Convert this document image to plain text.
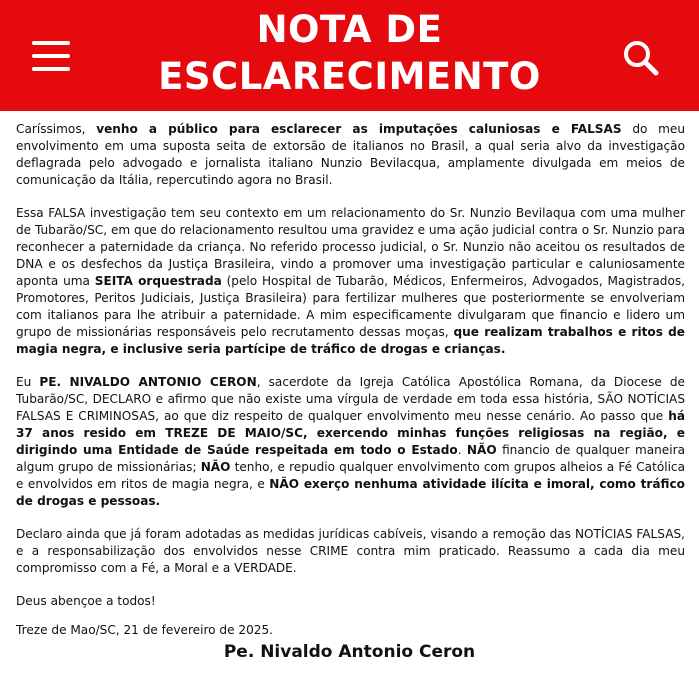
NOTA DE
ESCLARECIMENTO

Caríssimos, venho a público para esclarecer as imputações caluniosas e FALSAS do meu envolvimento em uma suposta seita de extorsão de italianos no Brasil, a qual seria alvo da investigação deflagrada pelo advogado e jornalista italiano Nunzio Bevilacqua, amplamente divulgada em meios de comunicação da Itália, repercutindo agora no Brasil.

Essa FALSA investigação tem seu contexto em um relacionamento do Sr. Nunzio Bevilaqua com uma mulher de Tubarão/SC, em que do relacionamento resultou uma gravidez e uma ação judicial contra o Sr. Nunzio para reconhecer a paternidade da criança. No referido processo judicial, o Sr. Nunzio não aceitou os resultados de DNA e os desfechos da Justiça Brasileira, vindo a promover uma investigação particular e caluniosamente aponta uma SEITA orquestrada (pelo Hospital de Tubarão, Médicos, Enfermeiros, Advogados, Magistrados, Promotores, Peritos Judiciais, Justiça Brasileira) para fertilizar mulheres que posteriormente se envolveriam com italianos para lhe atribuir a paternidade. A mim especificamente divulgaram que financio e lidero um grupo de missionárias responsáveis pelo recrutamento dessas moças, que realizam trabalhos e ritos de magia negra, e inclusive seria partícipe de tráfico de drogas e crianças.

Eu PE. NIVALDO ANTONIO CERON, sacerdote da Igreja Católica Apostólica Romana, da Diocese de Tubarão/SC, DECLARO e afirmo que não existe uma vírgula de verdade em toda essa história, SÃO NOTÍCIAS FALSAS E CRIMINOSAS, ao que diz respeito de qualquer envolvimento meu nesse cenário. Ao passo que há 37 anos resido em TREZE DE MAIO/SC, exercendo minhas funções religiosas na região, e dirigindo uma Entidade de Saúde respeitada em todo o Estado. NÃO financio de qualquer maneira algum grupo de missionárias; NÃO tenho, e repudio qualquer envolvimento com grupos alheios a Fé Católica e envolvidos em ritos de magia negra, e NÃO exerço nenhuma atividade ilícita e imoral, como tráfico de drogas e pessoas.

Declaro ainda que já foram adotadas as medidas jurídicas cabíveis, visando a remoção das NOTÍCIAS FALSAS, e a responsabilização dos envolvidos nesse CRIME contra mim praticado. Reassumo a cada dia meu compromisso com a Fé, a Moral e a VERDADE.

Deus abençoe a todos!

Treze de Mao/SC, 21 de fevereiro de 2025.

Pe. Nivaldo Antonio Ceron
